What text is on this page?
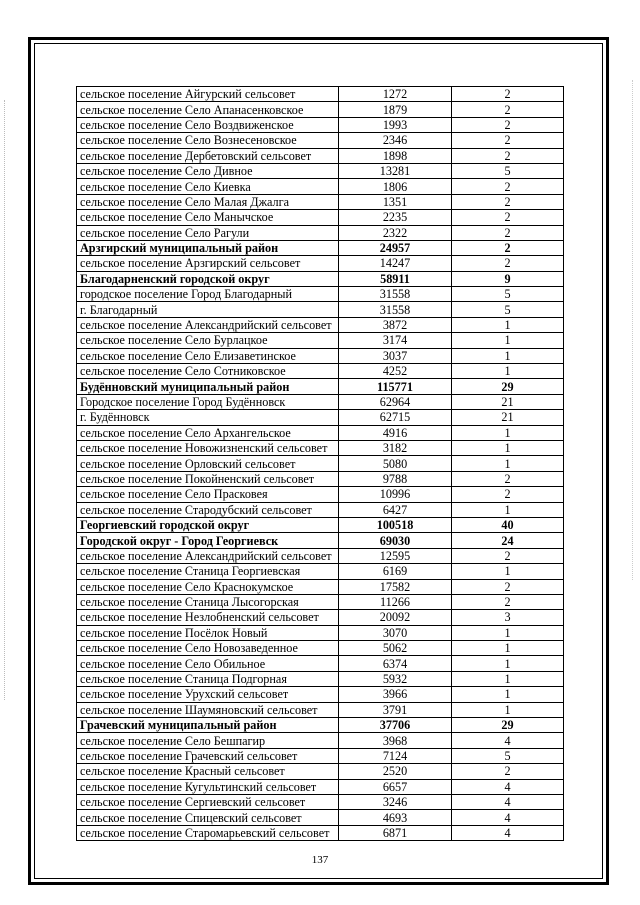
сельское поселение Айгурский сельсовет	1272	2
сельское поселение Село Апанасенковское	1879	2
сельское поселение Село Воздвиженское	1993	2
сельское поселение Село Вознесеновское	2346	2
сельское поселение Дербетовский сельсовет	1898	2
сельское поселение Село Дивное	13281	5
сельское поселение Село Киевка	1806	2
сельское поселение Село Малая Джалга	1351	2
сельское поселение Село Манычское	2235	2
сельское поселение Село Рагули	2322	2
Арзгирский муниципальный район	24957	2
сельское поселение Арзгирский сельсовет	14247	2
Благодарненский городской округ	58911	9
городское поселение Город Благодарный	31558	5
г. Благодарный	31558	5
сельское поселение Александрийский сельсовет	3872	1
сельское поселение Село Бурлацкое	3174	1
сельское поселение Село Елизаветинское	3037	1
сельское поселение Село Сотниковское	4252	1
Будённовский муниципальный район	115771	29
Городское поселение Город Будённовск	62964	21
г. Будённовск	62715	21
сельское поселение Село Архангельское	4916	1
сельское поселение Новожизненский сельсовет	3182	1
сельское поселение Орловский сельсовет	5080	1
сельское поселение Покойненский сельсовет	9788	2
сельское поселение Село Прасковея	10996	2
сельское поселение Стародубский сельсовет	6427	1
Георгиевский городской округ	100518	40
Городской округ - Город Георгиевск	69030	24
сельское поселение Александрийский сельсовет	12595	2
сельское поселение Станица Георгиевская	6169	1
сельское поселение Село Краснокумское	17582	2
сельское поселение Станица Лысогорская	11266	2
сельское поселение Незлобненский сельсовет	20092	3
сельское поселение Посёлок Новый	3070	1
сельское поселение Село Новозаведенное	5062	1
сельское поселение Село Обильное	6374	1
сельское поселение Станица Подгорная	5932	1
сельское поселение Урухский сельсовет	3966	1
сельское поселение Шаумяновский сельсовет	3791	1
Грачевский муниципальный район	37706	29
сельское поселение Село Бешпагир	3968	4
сельское поселение Грачевский сельсовет	7124	5
сельское поселение Красный сельсовет	2520	2
сельское поселение Кугультинский сельсовет	6657	4
сельское поселение Сергиевский сельсовет	3246	4
сельское поселение Спицевский сельсовет	4693	4
сельское поселение Старомарьевский сельсовет	6871	4
137
